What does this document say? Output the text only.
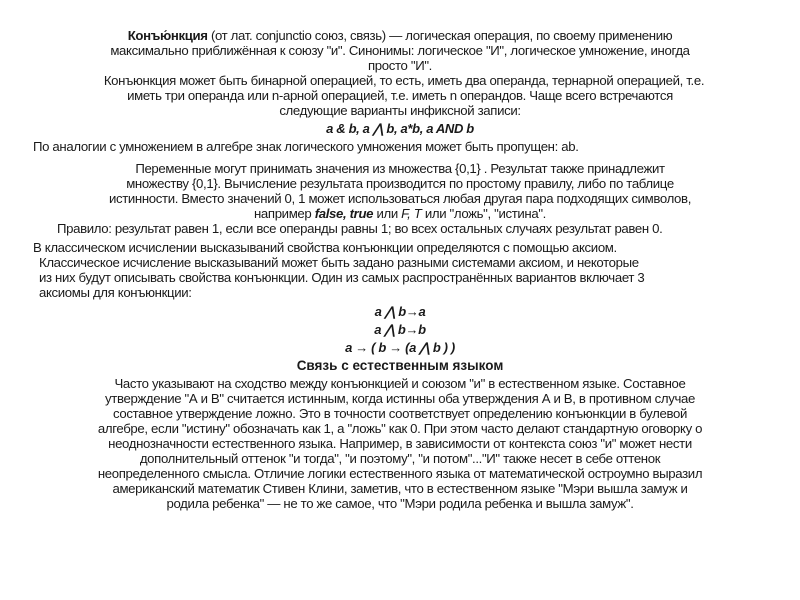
Конъю́нкция (от лат. conjunctio союз, связь) — логическая операция, по своему применению
максимально приближённая к союзу "и". Синонимы: логическое "И", логическое умножение, иногда
просто "И".
Конъюнкция может быть бинарной операцией, то есть, иметь два операнда, тернарной операцией, т.е.
иметь три операнда или n-арной операцией, т.е. иметь n операндов. Чаще всего встречаются
следующие варианты инфиксной записи:
a & b, a ⋀ b, a*b, a AND b
По аналогии с умножением в алгебре знак логического умножения может быть пропущен: ab.
Переменные могут принимать значения из множества {0,1} . Результат также принадлежит
множеству {0,1}. Вычисление результата производится по простому правилу, либо по таблице
истинности. Вместо значений 0, 1 может использоваться любая другая пара подходящих символов,
например false, true или F, T или "ложь", "истина".
Правило: результат равен 1, если все операнды равны 1; во всех остальных случаях результат равен 0.
В классическом исчислении высказываний свойства конъюнкции определяются с помощью аксиом.
Классическое исчисление высказываний может быть задано разными системами аксиом, и некоторые
из них будут описывать свойства конъюнкции. Один из самых распространённых вариантов включает 3
аксиомы для конъюнкции:
a ⋀ b→a
a ⋀ b→b
a → ( b → (a ⋀ b ) )
Связь с естественным языком
Часто указывают на сходство между конъюнкцией и союзом "и" в естественном языке. Составное
утверждение "А и В" считается истинным, когда истинны оба утверждения А и В, в противном случае
составное утверждение ложно. Это в точности соответствует определению конъюнкции в булевой
алгебре, если "истину" обозначать как 1, а "ложь" как 0. При этом часто делают стандартную оговорку о
неоднозначности естественного языка. Например, в зависимости от контекста союз "и" может нести
дополнительный оттенок "и тогда", "и поэтому", "и потом"..."И" также несет в себе оттенок
неопределенного смысла. Отличие логики естественного языка от математической остроумно выразил
американский математик Стивен Клини, заметив, что в естественном языке "Мэри вышла замуж и
родила ребенка" — не то же самое, что "Мэри родила ребенка и вышла замуж".
